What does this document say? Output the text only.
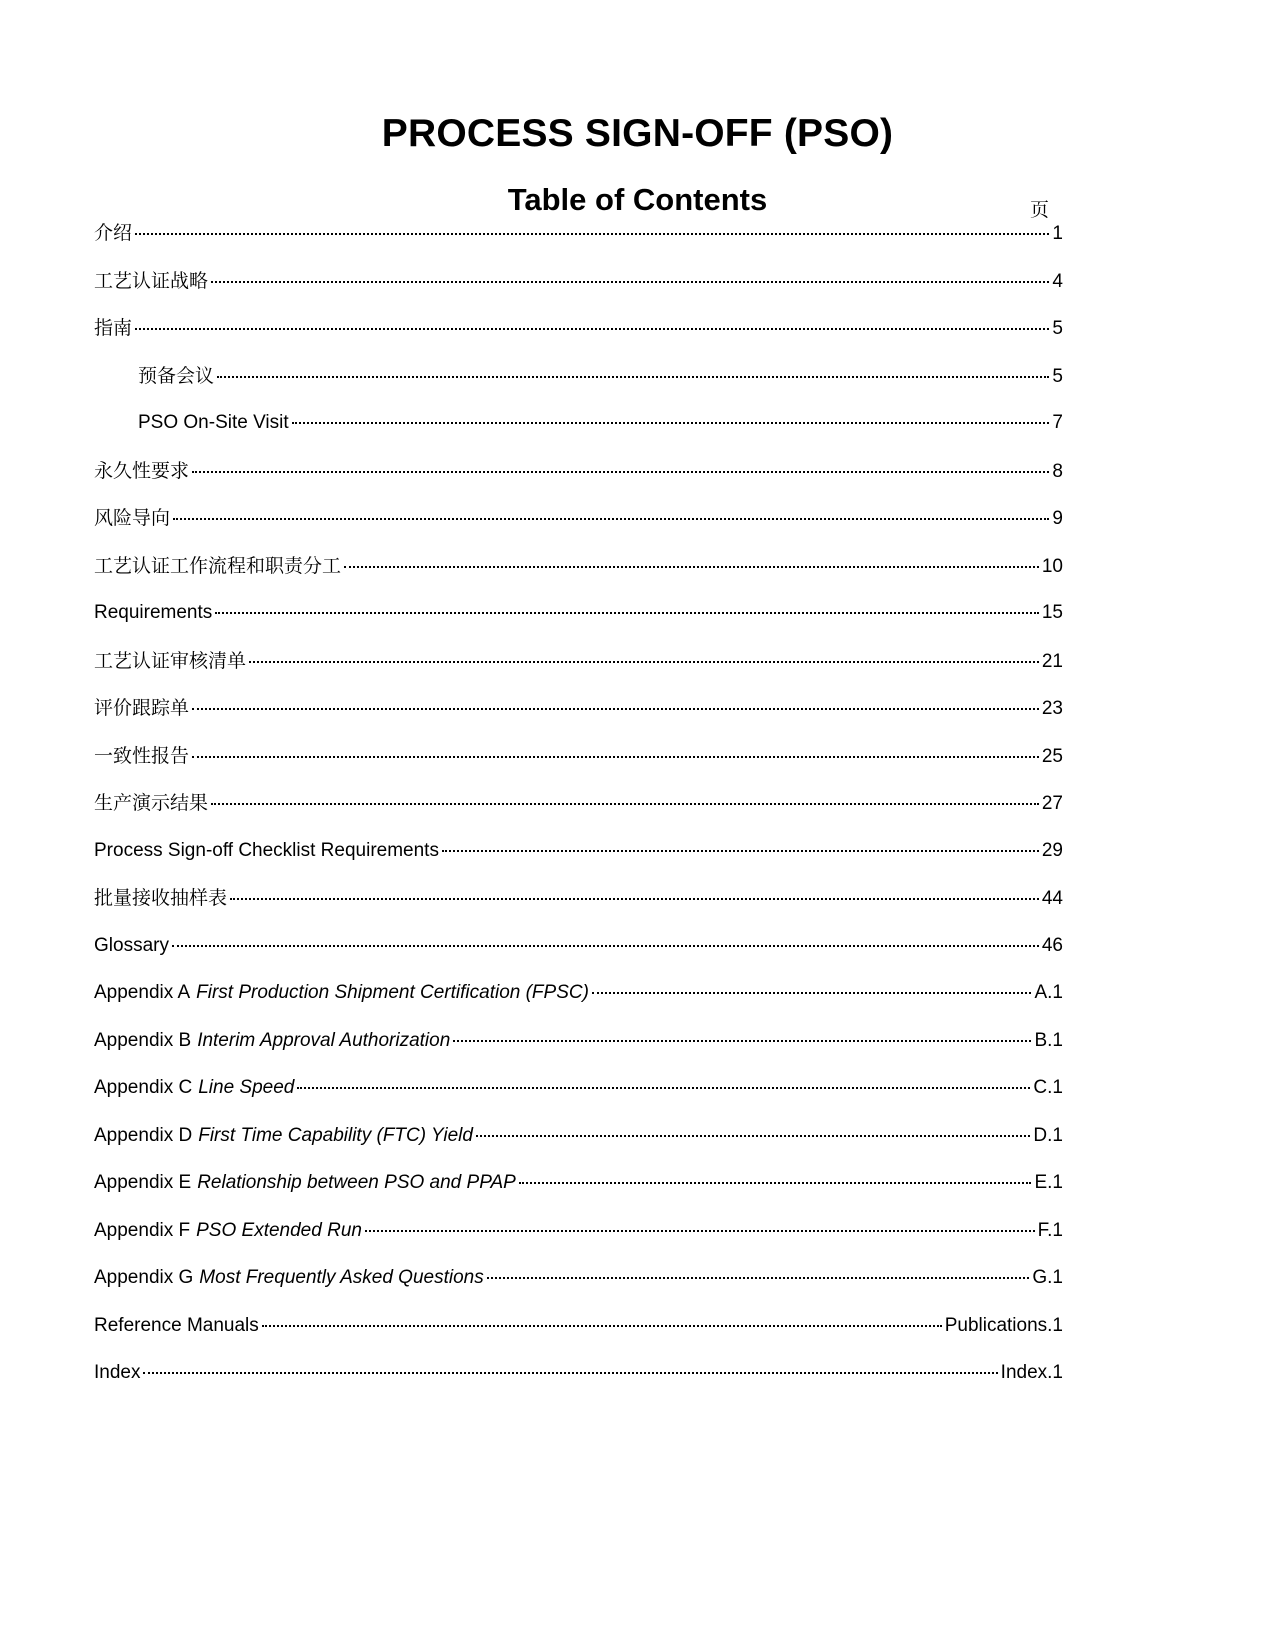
PROCESS SIGN-OFF (PSO)
Table of Contents	页
介绍	1
工艺认证战略	4
指南	5
预备会议	5
PSO On-Site Visit	7
永久性要求	8
风险导向	9
工艺认证工作流程和职责分工	10
Requirements	15
工艺认证审核清单	21
评价跟踪单	23
一致性报告	25
生产演示结果	27
Process Sign-off Checklist Requirements	29
批量接收抽样表	44
Glossary	46
Appendix A First Production Shipment Certification (FPSC)	A.1
Appendix B Interim Approval Authorization	B.1
Appendix C Line Speed	C.1
Appendix D First Time Capability (FTC) Yield	D.1
Appendix E Relationship between PSO and PPAP	E.1
Appendix F PSO Extended Run	F.1
Appendix G Most Frequently Asked Questions	G.1
Reference Manuals	Publications.1
Index	Index.1
